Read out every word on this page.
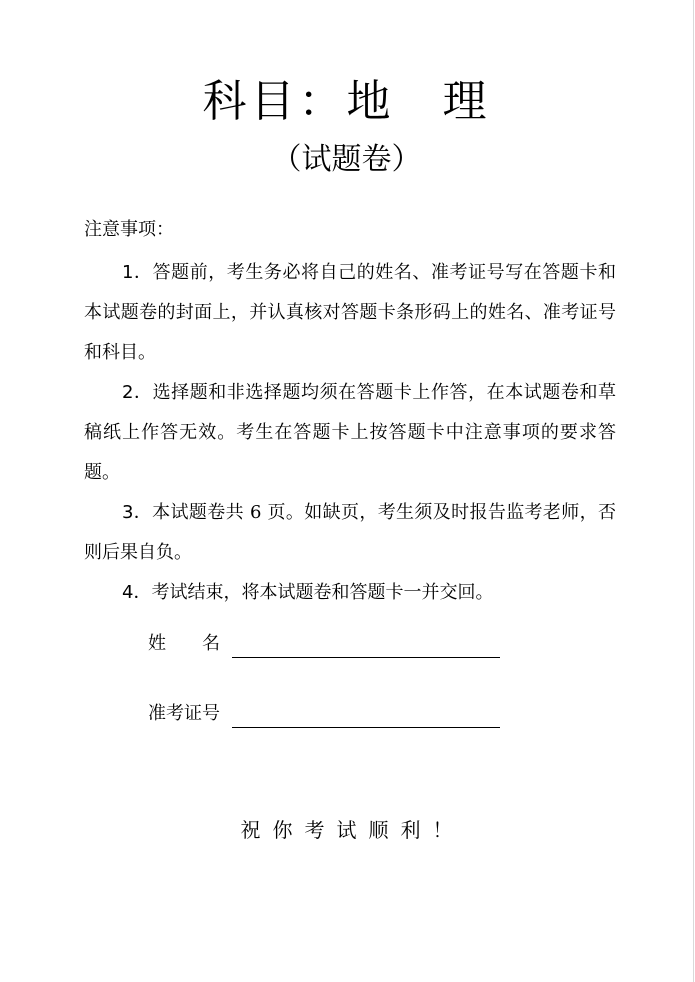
科目：地　理
（试题卷）
注意事项：

1．答题前，考生务必将自己的姓名、准考证号写在答题卡和本试题卷的封面上，并认真核对答题卡条形码上的姓名、准考证号和科目。

2．选择题和非选择题均须在答题卡上作答，在本试题卷和草稿纸上作答无效。考生在答题卡上按答题卡中注意事项的要求答题。

3．本试题卷共 6 页。如缺页，考生须及时报告监考老师，否则后果自负。

4．考试结束，将本试题卷和答题卡一并交回。

姓　　名
准考证号
祝你考试顺利！
